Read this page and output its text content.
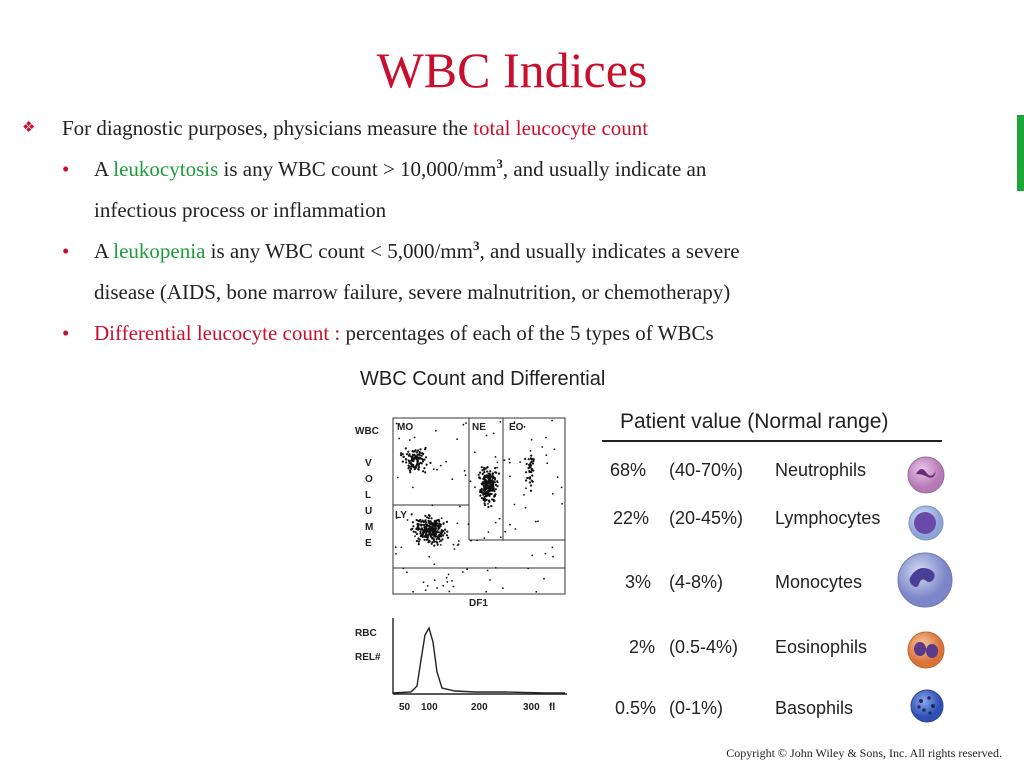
WBC Indices
❖ For diagnostic purposes, physicians measure the total leucocyte count
• A leukocytosis is any WBC count > $10,000/mm^3$, and usually indicate an
infectious process or inflammation
• A leukopenia is any WBC count < $5,000/mm^3$, and usually indicates a severe
disease (AIDS, bone marrow failure, severe malnutrition, or chemotherapy)
• Differential leucocyte count : percentages of each of the 5 types of WBCs
WBC Count and Differential
WBC
V
O
L
U
M
E
MO	NE EO
LY
DF1
RBC
REL#
50 100	200	300 fl
Patient value (Normal range)
68% (40-70%) Neutrophils
22% (20-45%) Lymphocytes
3% (4-8%)	Monocytes
2% (0.5-4%) Eosinophils
0.5% (0-1%)	Basophils
Copyright © John Wiley & Sons, Inc. All rights reserved.
